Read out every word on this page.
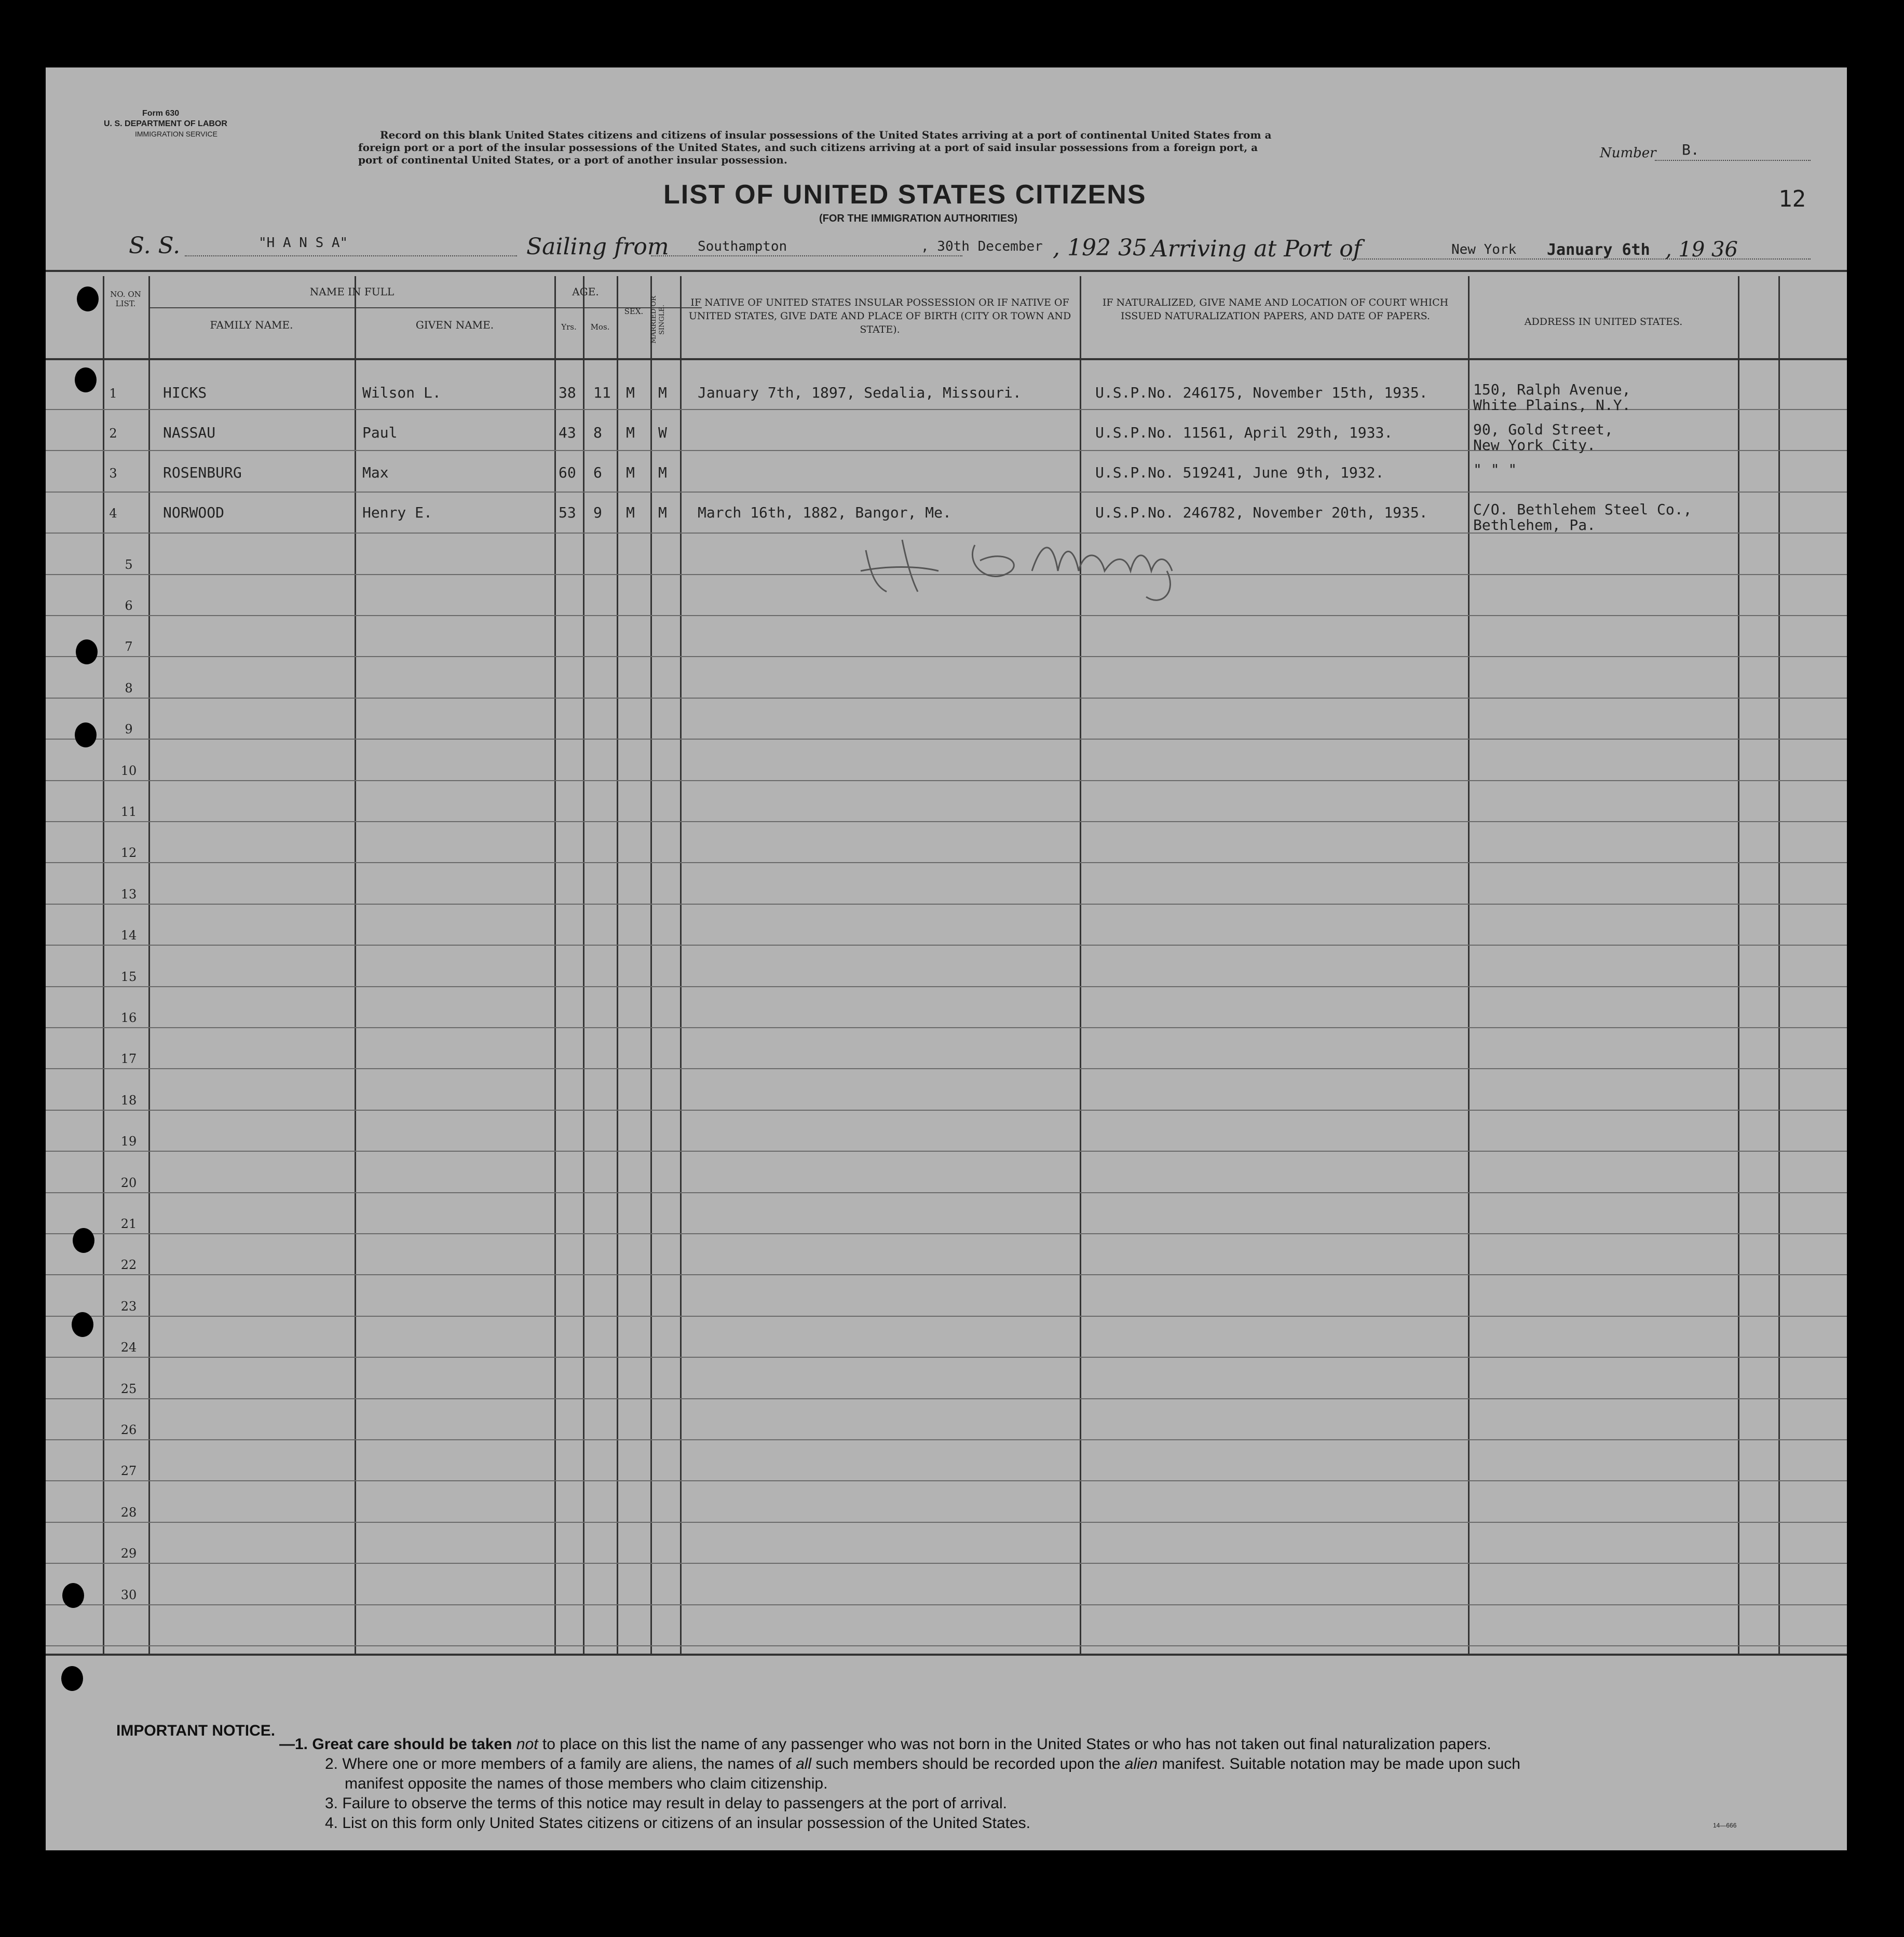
Form 630
U. S. DEPARTMENT OF LABOR
IMMIGRATION SERVICE	Record on this blank United States citizens and citizens of insular possessions of the United States arriving at a port of continental United States from a
foreign port or a port of the insular possessions of the United States, and such citizens arriving at a port of said insular possessions from a foreign port, a
port of continental United States, or a port of another insular possession.	Number B.
12
LIST OF UNITED STATES CITIZENS
(FOR THE IMMIGRATION AUTHORITIES)
S. S.	"H A N S A"	Sailing from Southampton	, 30th December , 192 35 Arriving at Port of	New York January 6th , 19 36
NO. ON LIST.
NAME IN FULL
FAMILY NAME.	GIVEN NAME.
AGE.
Yrs.	Mos.
SEX. MARRIED OR SINGLE.
IF NATIVE OF UNITED STATES INSULAR POSSESSION OR IF NATIVE OF UNITED STATES, GIVE DATE AND PLACE OF BIRTH (CITY OR TOWN AND STATE).
IF NATURALIZED, GIVE NAME AND LOCATION OF COURT WHICH ISSUED NATURALIZATION PAPERS, AND DATE OF PAPERS.	ADDRESS IN UNITED STATES.
1	HICKS	Wilson L.	38 11 M M January 7th, 1897, Sedalia, Missouri.	U.S.P.No. 246175, November 15th, 1935.	150, Ralph Avenue,
White Plains, N.Y.
2	NASSAU	Paul	43 8 M W	U.S.P.No. 11561, April 29th, 1933.	90, Gold Street,
New York City.
3	ROSENBURG	Max	60 6 M M	U.S.P.No. 519241, June 9th, 1932.	" " "
4	NORWOOD	Henry E.	53 9 M M March 16th, 1882, Bangor, Me.	U.S.P.No. 246782, November 20th, 1935.	C/O. Bethlehem Steel Co.,
Bethlehem, Pa.
5
6
7
8
9
10
11
12
13
14
15
16
17
18
19
20
21
22
23
24
25
26
27
28
29
30
IMPORTANT NOTICE.
—1. Great care should be taken not to place on this list the name of any passenger who was not born in the United States or who has not taken out final naturalization papers.
2. Where one or more members of a family are aliens, the names of all such members should be recorded upon the alien manifest. Suitable notation may be made upon such
manifest opposite the names of those members who claim citizenship.
3. Failure to observe the terms of this notice may result in delay to passengers at the port of arrival.
4. List on this form only United States citizens or citizens of an insular possession of the United States.	14—666
